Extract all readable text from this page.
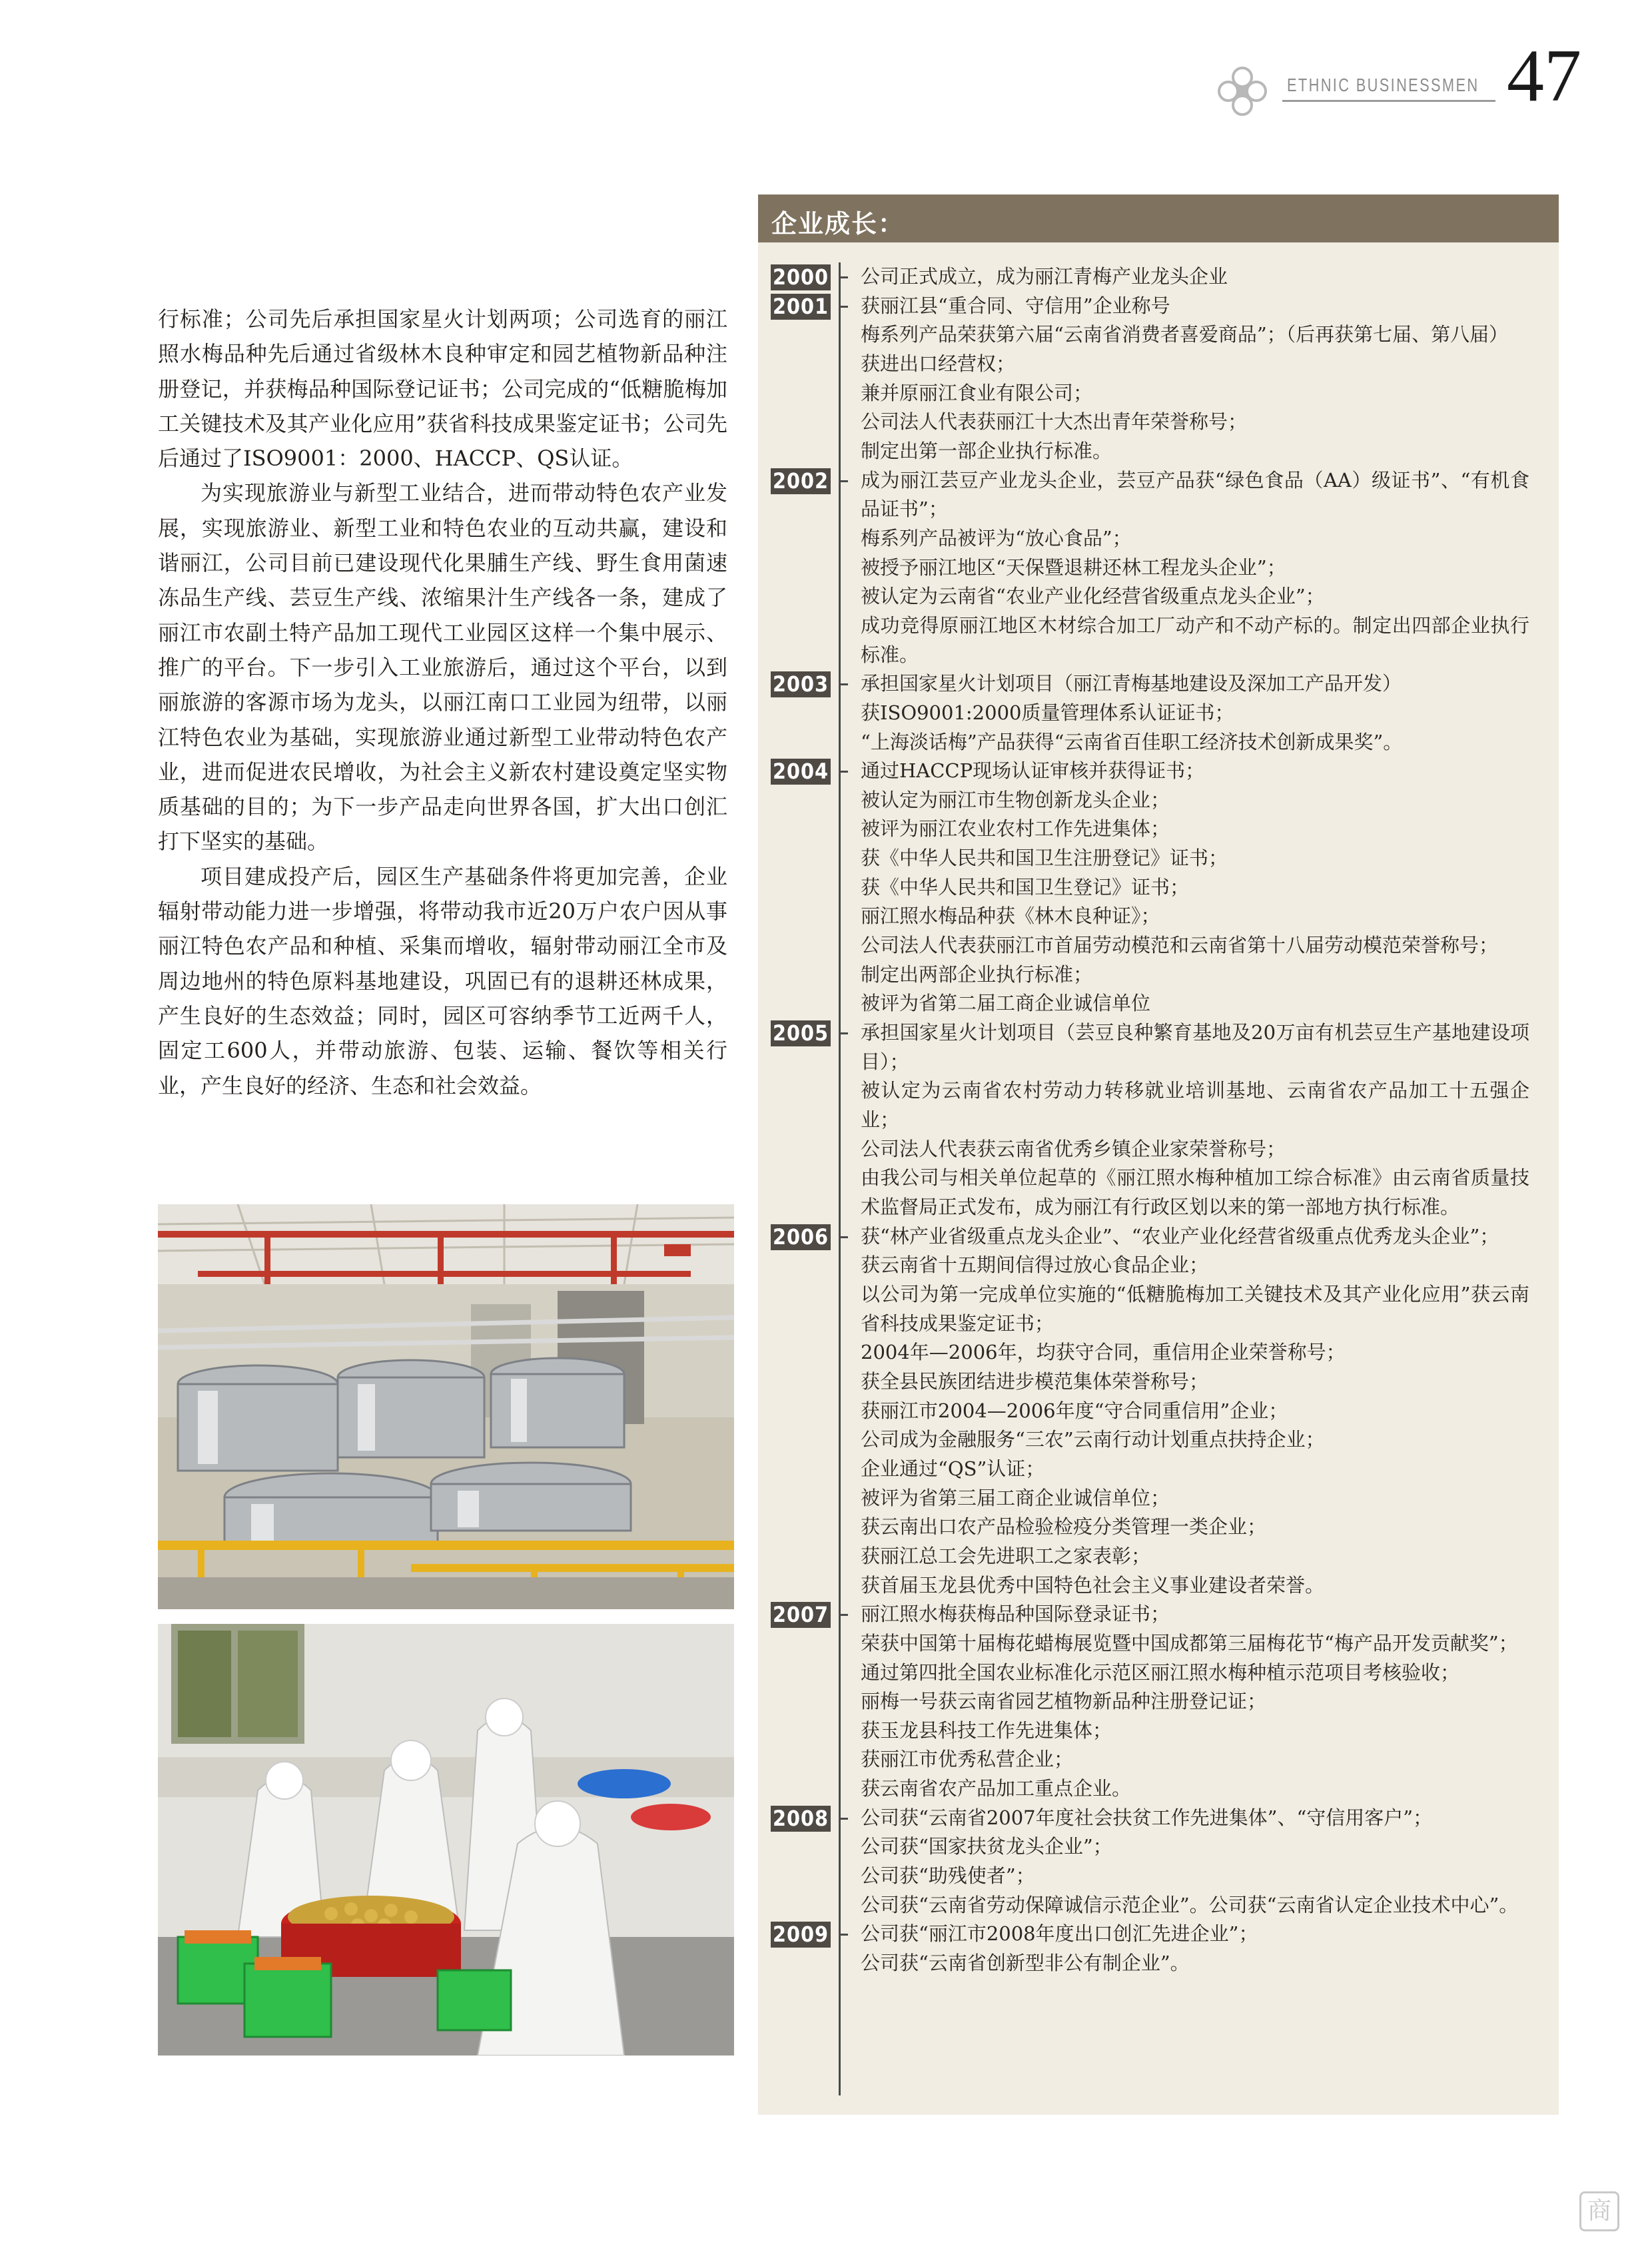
ETHNIC BUSINESSMEN 47

行标准；公司先后承担国家星火计划两项；公司选育的丽江照水梅品种先后通过省级林木良种审定和园艺植物新品种注册登记，并获梅品种国际登记证书；公司完成的“低糖脆梅加工关键技术及其产业化应用”获省科技成果鉴定证书；公司先后通过了ISO9001：2000、HACCP、QS认证。

为实现旅游业与新型工业结合，进而带动特色农产业发展，实现旅游业、新型工业和特色农业的互动共赢，建设和谐丽江，公司目前已建设现代化果脯生产线、野生食用菌速冻品生产线、芸豆生产线、浓缩果汁生产线各一条，建成了丽江市农副土特产品加工现代工业园区这样一个集中展示、推广的平台。下一步引入工业旅游后，通过这个平台，以到丽旅游的客源市场为龙头，以丽江南口工业园为纽带，以丽江特色农业为基础，实现旅游业通过新型工业带动特色农产业，进而促进农民增收，为社会主义新农村建设奠定坚实物质基础的目的；为下一步产品走向世界各国，扩大出口创汇打下坚实的基础。

项目建成投产后，园区生产基础条件将更加完善，企业辐射带动能力进一步增强，将带动我市近20万户农户因从事丽江特色农产品和种植、采集而增收，辐射带动丽江全市及周边地州的特色原料基地建设，巩固已有的退耕还林成果，产生良好的生态效益；同时，园区可容纳季节工近两千人，固定工600人，并带动旅游、包装、运输、餐饮等相关行业，产生良好的经济、生态和社会效益。

企业成长：
2000
2001
2002
2003
2004
2005
2006
2007
2008
2009
公司正式成立，成为丽江青梅产业龙头企业
获丽江县“重合同、守信用”企业称号
梅系列产品荣获第六届“云南省消费者喜爱商品”；（后再获第七届、第八届）
获进出口经营权；
兼并原丽江食业有限公司；
公司法人代表获丽江十大杰出青年荣誉称号；
制定出第一部企业执行标准。
成为丽江芸豆产业龙头企业，芸豆产品获“绿色食品（AA）级证书”、“有机食品证书”；
梅系列产品被评为“放心食品”；
被授予丽江地区“天保暨退耕还林工程龙头企业”；
被认定为云南省“农业产业化经营省级重点龙头企业”；
成功竞得原丽江地区木材综合加工厂动产和不动产标的。制定出四部企业执行标准。
承担国家星火计划项目（丽江青梅基地建设及深加工产品开发）
获ISO9001:2000质量管理体系认证证书；
“上海淡话梅”产品获得“云南省百佳职工经济技术创新成果奖”。
通过HACCP现场认证审核并获得证书；
被认定为丽江市生物创新龙头企业；
被评为丽江农业农村工作先进集体；
获《中华人民共和国卫生注册登记》证书；
获《中华人民共和国卫生登记》证书；
丽江照水梅品种获《林木良种证》；
公司法人代表获丽江市首届劳动模范和云南省第十八届劳动模范荣誉称号；
制定出两部企业执行标准；
被评为省第二届工商企业诚信单位
承担国家星火计划项目（芸豆良种繁育基地及20万亩有机芸豆生产基地建设项目）；
被认定为云南省农村劳动力转移就业培训基地、云南省农产品加工十五强企业；
公司法人代表获云南省优秀乡镇企业家荣誉称号；
由我公司与相关单位起草的《丽江照水梅种植加工综合标准》由云南省质量技术监督局正式发布，成为丽江有行政区划以来的第一部地方执行标准。
获“林产业省级重点龙头企业”、“农业产业化经营省级重点优秀龙头企业”；
获云南省十五期间信得过放心食品企业；
以公司为第一完成单位实施的“低糖脆梅加工关键技术及其产业化应用”获云南省科技成果鉴定证书；
2004年—2006年，均获守合同，重信用企业荣誉称号；
获全县民族团结进步模范集体荣誉称号；
获丽江市2004—2006年度“守合同重信用”企业；
公司成为金融服务“三农”云南行动计划重点扶持企业；
企业通过“QS”认证；
被评为省第三届工商企业诚信单位；
获云南出口农产品检验检疫分类管理一类企业；
获丽江总工会先进职工之家表彰；
获首届玉龙县优秀中国特色社会主义事业建设者荣誉。
丽江照水梅获梅品种国际登录证书；
荣获中国第十届梅花蜡梅展览暨中国成都第三届梅花节“梅产品开发贡献奖”；
通过第四批全国农业标准化示范区丽江照水梅种植示范项目考核验收；
丽梅一号获云南省园艺植物新品种注册登记证；
获玉龙县科技工作先进集体；
获丽江市优秀私营企业；
获云南省农产品加工重点企业。
公司获“云南省2007年度社会扶贫工作先进集体”、“守信用客户”；
公司获“国家扶贫龙头企业”；
公司获“助残使者”；
公司获“云南省劳动保障诚信示范企业”。公司获“云南省认定企业技术中心”。
公司获“丽江市2008年度出口创汇先进企业”；
公司获“云南省创新型非公有制企业”。
商
